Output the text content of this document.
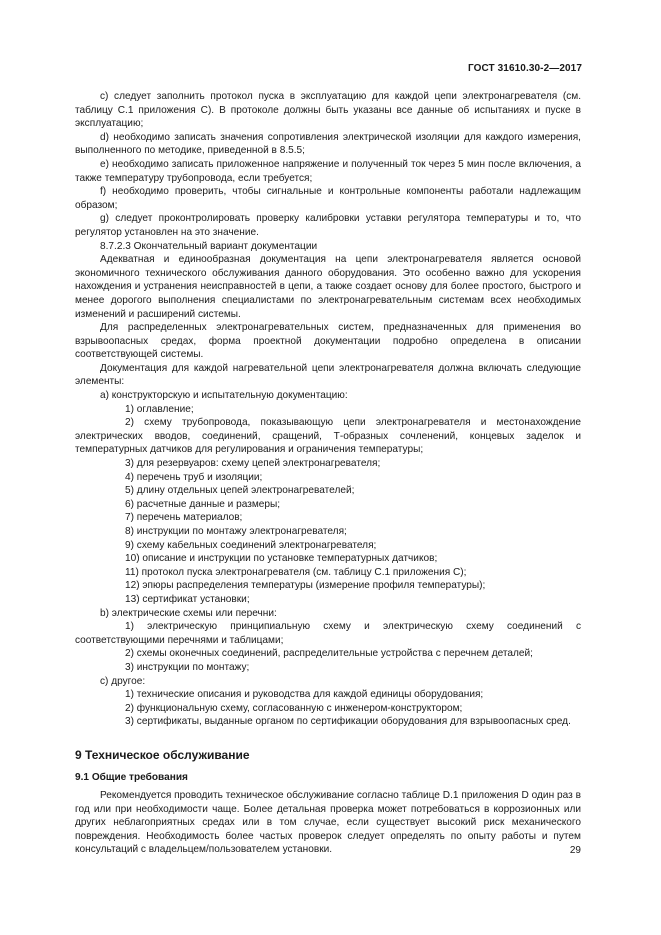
ГОСТ 31610.30-2—2017

c) следует заполнить протокол пуска в эксплуатацию для каждой цепи электронагревателя (см. таблицу С.1 приложения С). В протоколе должны быть указаны все данные об испытаниях и пуске в эксплуатацию;

d) необходимо записать значения сопротивления электрической изоляции для каждого измерения, выполненного по методике, приведенной в 8.5.5;

e) необходимо записать приложенное напряжение и полученный ток через 5 мин после включения, а также температуру трубопровода, если требуется;

f) необходимо проверить, чтобы сигнальные и контрольные компоненты работали надлежащим образом;

g) следует проконтролировать проверку калибровки уставки регулятора температуры и то, что регулятор установлен на это значение.

8.7.2.3 Окончательный вариант документации

Адекватная и единообразная документация на цепи электронагревателя является основой экономичного технического обслуживания данного оборудования. Это особенно важно для ускорения нахождения и устранения неисправностей в цепи, а также создает основу для более простого, быстрого и менее дорогого выполнения специалистами по электронагревательным системам всех необходимых изменений и расширений системы.

Для распределенных электронагревательных систем, предназначенных для применения во взрывоопасных средах, форма проектной документации подробно определена в описании соответствующей системы.

Документация для каждой нагревательной цепи электронагревателя должна включать следующие элементы:

a) конструкторскую и испытательную документацию:

1) оглавление;

2) схему трубопровода, показывающую цепи электронагревателя и местонахождение электрических вводов, соединений, сращений, Т-образных сочленений, концевых заделок и температурных датчиков для регулирования и ограничения температуры;

3) для резервуаров: схему цепей электронагревателя;

4) перечень труб и изоляции;

5) длину отдельных цепей электронагревателей;

6) расчетные данные и размеры;

7) перечень материалов;

8) инструкции по монтажу электронагревателя;

9) схему кабельных соединений электронагревателя;

10) описание и инструкции по установке температурных датчиков;

11) протокол пуска электронагревателя (см. таблицу С.1 приложения С);

12) эпюры распределения температуры (измерение профиля температуры);

13) сертификат установки;

b) электрические схемы или перечни:

1) электрическую принципиальную схему и электрическую схему соединений с соответствующими перечнями и таблицами;

2) схемы оконечных соединений, распределительные устройства с перечнем деталей;

3) инструкции по монтажу;

c) другое:

1) технические описания и руководства для каждой единицы оборудования;

2) функциональную схему, согласованную с инженером-конструктором;

3) сертификаты, выданные органом по сертификации оборудования для взрывоопасных сред.

9 Техническое обслуживание

9.1 Общие требования

Рекомендуется проводить техническое обслуживание согласно таблице D.1 приложения D один раз в год или при необходимости чаще. Более детальная проверка может потребоваться в коррозионных или других неблагоприятных средах или в том случае, если существует высокий риск механического повреждения. Необходимость более частых проверок следует определять по опыту работы и путем консультаций с владельцем/пользователем установки.	29
